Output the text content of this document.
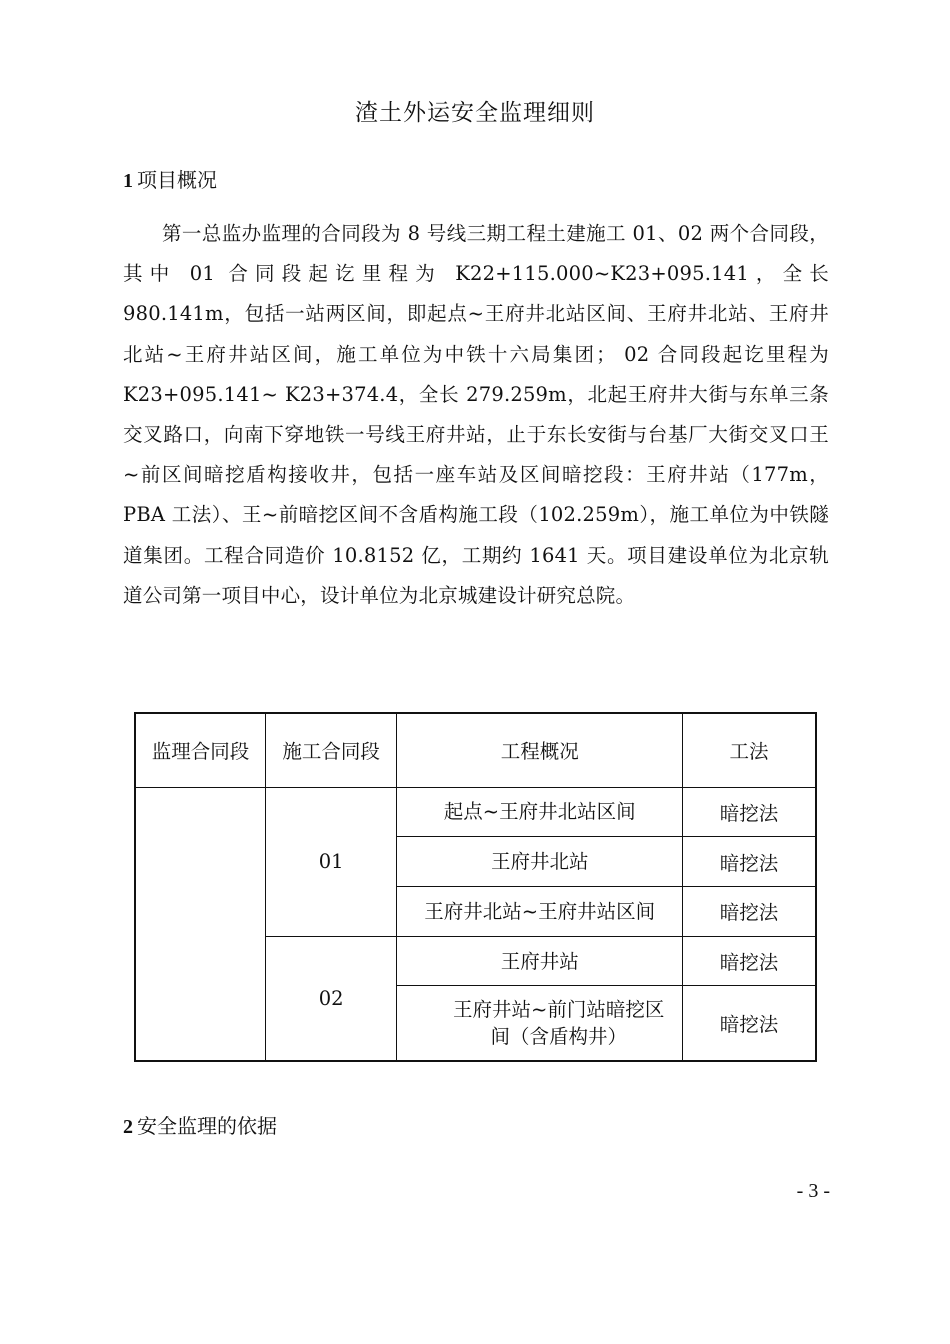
渣土外运安全监理细则
1 项目概况
第一总监办监理的合同段为 8 号线三期工程土建施工 01、02 两个合同段，其中 01 合同段起讫里程为 K22+115.000~K23+095.141，全长980.141m，包括一站两区间，即起点~王府井北站区间、王府井北站、王府井北站~王府井站区间，施工单位为中铁十六局集团； 02 合同段起讫里程为 K23+095.141~ K23+374.4，全长 279.259m，北起王府井大街与东单三条交叉路口，向南下穿地铁一号线王府井站，止于东长安街与台基厂大街交叉口王~前区间暗挖盾构接收井，包括一座车站及区间暗挖段：王府井站（177m，PBA 工法）、王~前暗挖区间不含盾构施工段（102.259m），施工单位为中铁隧道集团。工程合同造价 10.8152 亿，工期约 1641 天。项目建设单位为北京轨道公司第一项目中心，设计单位为北京城建设计研究总院。
监理合同段	施工合同段	工程概况	工法
	01	起点~王府井北站区间	暗挖法
		王府井北站	暗挖法
		王府井北站~王府井站区间	暗挖法
	02	王府井站	暗挖法
		王府井站~前门站暗挖区间（含盾构井）	暗挖法
2 安全监理的依据
- 3 -
